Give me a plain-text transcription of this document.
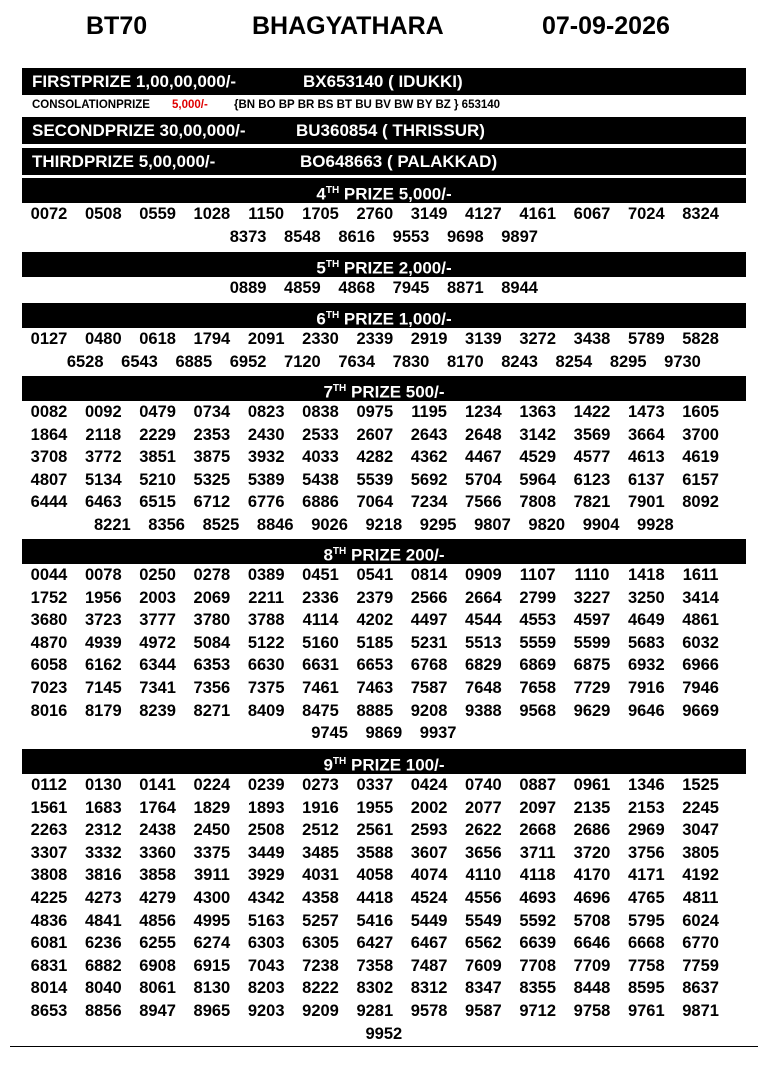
BT70	BHAGYATHARA	07-09-2026
FIRSTPRIZE 1,00,00,000/-	BX653140 ( IDUKKI)
CONSOLATIONPRIZE 5,000/- {BN BO BP BR BS BT BU BV BW BY BZ } 653140
SECONDPRIZE 30,00,000/-	BU360854 ( THRISSUR)
THIRDPRIZE 5,00,000/-	BO648663 ( PALAKKAD)
4TH PRIZE 5,000/-
0072	0508	0559	1028	1150	1705	2760	3149	4127	4161	6067	7024	8324
8373	8548	8616	9553	9698	9897
5TH PRIZE 2,000/-
0889	4859	4868	7945	8871	8944
6TH PRIZE 1,000/-
0127	0480	0618	1794	2091	2330	2339	2919	3139	3272	3438	5789	5828
6528	6543	6885	6952	7120	7634	7830	8170	8243	8254	8295	9730
7TH PRIZE 500/-
0082	0092	0479	0734	0823	0838	0975	1195	1234	1363	1422	1473	1605
1864	2118	2229	2353	2430	2533	2607	2643	2648	3142	3569	3664	3700
3708	3772	3851	3875	3932	4033	4282	4362	4467	4529	4577	4613	4619
4807	5134	5210	5325	5389	5438	5539	5692	5704	5964	6123	6137	6157
6444	6463	6515	6712	6776	6886	7064	7234	7566	7808	7821	7901	8092
8221	8356	8525	8846	9026	9218	9295	9807	9820	9904	9928
8TH PRIZE 200/-
0044	0078	0250	0278	0389	0451	0541	0814	0909	1107	1110	1418	1611
1752	1956	2003	2069	2211	2336	2379	2566	2664	2799	3227	3250	3414
3680	3723	3777	3780	3788	4114	4202	4497	4544	4553	4597	4649	4861
4870	4939	4972	5084	5122	5160	5185	5231	5513	5559	5599	5683	6032
6058	6162	6344	6353	6630	6631	6653	6768	6829	6869	6875	6932	6966
7023	7145	7341	7356	7375	7461	7463	7587	7648	7658	7729	7916	7946
8016	8179	8239	8271	8409	8475	8885	9208	9388	9568	9629	9646	9669
9745	9869	9937
9TH PRIZE 100/-
0112	0130	0141	0224	0239	0273	0337	0424	0740	0887	0961	1346	1525
1561	1683	1764	1829	1893	1916	1955	2002	2077	2097	2135	2153	2245
2263	2312	2438	2450	2508	2512	2561	2593	2622	2668	2686	2969	3047
3307	3332	3360	3375	3449	3485	3588	3607	3656	3711	3720	3756	3805
3808	3816	3858	3911	3929	4031	4058	4074	4110	4118	4170	4171	4192
4225	4273	4279	4300	4342	4358	4418	4524	4556	4693	4696	4765	4811
4836	4841	4856	4995	5163	5257	5416	5449	5549	5592	5708	5795	6024
6081	6236	6255	6274	6303	6305	6427	6467	6562	6639	6646	6668	6770
6831	6882	6908	6915	7043	7238	7358	7487	7609	7708	7709	7758	7759
8014	8040	8061	8130	8203	8222	8302	8312	8347	8355	8448	8595	8637
8653	8856	8947	8965	9203	9209	9281	9578	9587	9712	9758	9761	9871
9952
